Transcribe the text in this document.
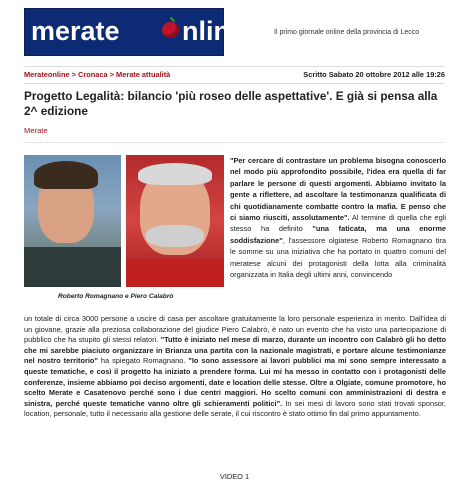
merate nline	Il primo giornale online della provincia di Lecco
Merateonline > Cronaca > Merate attualità	Scritto Sabato 20 ottobre 2012 alle 19:26
Progetto Legalità: bilancio 'più roseo delle aspettative'. E già si pensa alla 2^ edizione
Merate
Roberto Romagnano e Piero Calabrò
"Per cercare di contrastare un problema bisogna conoscerlo nel modo più approfondito possibile, l'idea era quella di far parlare le persone di questi argomenti. Abbiamo invitato la gente a riflettere, ad ascoltare la testimonanza qualificata di chi quotidianamente combatte contro la mafia. E penso che ci siamo riusciti, assolutamente". Al termine di quella che egli stesso ha definito "una faticata, ma una enorme soddisfazione", l'assessore olgiatese Roberto Romagnano tira le somme su una iniziativa che ha portato in quattro comuni del meratese alcuni dei protagonisti della lotta alla criminalità organizzata in Italia degli ultimi anni, convincendo
un totale di circa 3000 persone a uscire di casa per ascoltare gratuitamente la loro personale esperienza in merito. Dall'idea di un giovane, grazie alla preziosa collaborazione del giudice Piero Calabrò, è nato un evento che ha visto una partecipazione di pubblico che ha stupito gli stessi relatori. "Tutto è iniziato nel mese di marzo, durante un incontro con Calabrò gli ho detto che mi sarebbe piaciuto organizzare in Brianza una partita con la nazionale magistrati, e portare alcune testimonianze nel nostro territorio" ha spiegato Romagnano. "Io sono assessore ai lavori pubblici ma mi sono sempre interessato a queste tematiche, e così il progetto ha iniziato a prendere forma. Lui mi ha messo in contatto con i protagonisti delle conferenze, insieme abbiamo poi deciso argomenti, date e location delle stesse. Oltre a Olgiate, comune promotore, ho scelto Merate e Casatenovo perché sono i due centri maggiori. Ho scelto comuni con amministrazioni di destra e sinistra, perché queste tematiche vanno oltre gli schieramenti politici". In sei mesi di lavoro sono stati trovati sponsor, location, personale, tutto il necessario alla gestione delle serate, il cui riscontro è stato ottimo fin dal primo appuntamento.
VIDEO 1
